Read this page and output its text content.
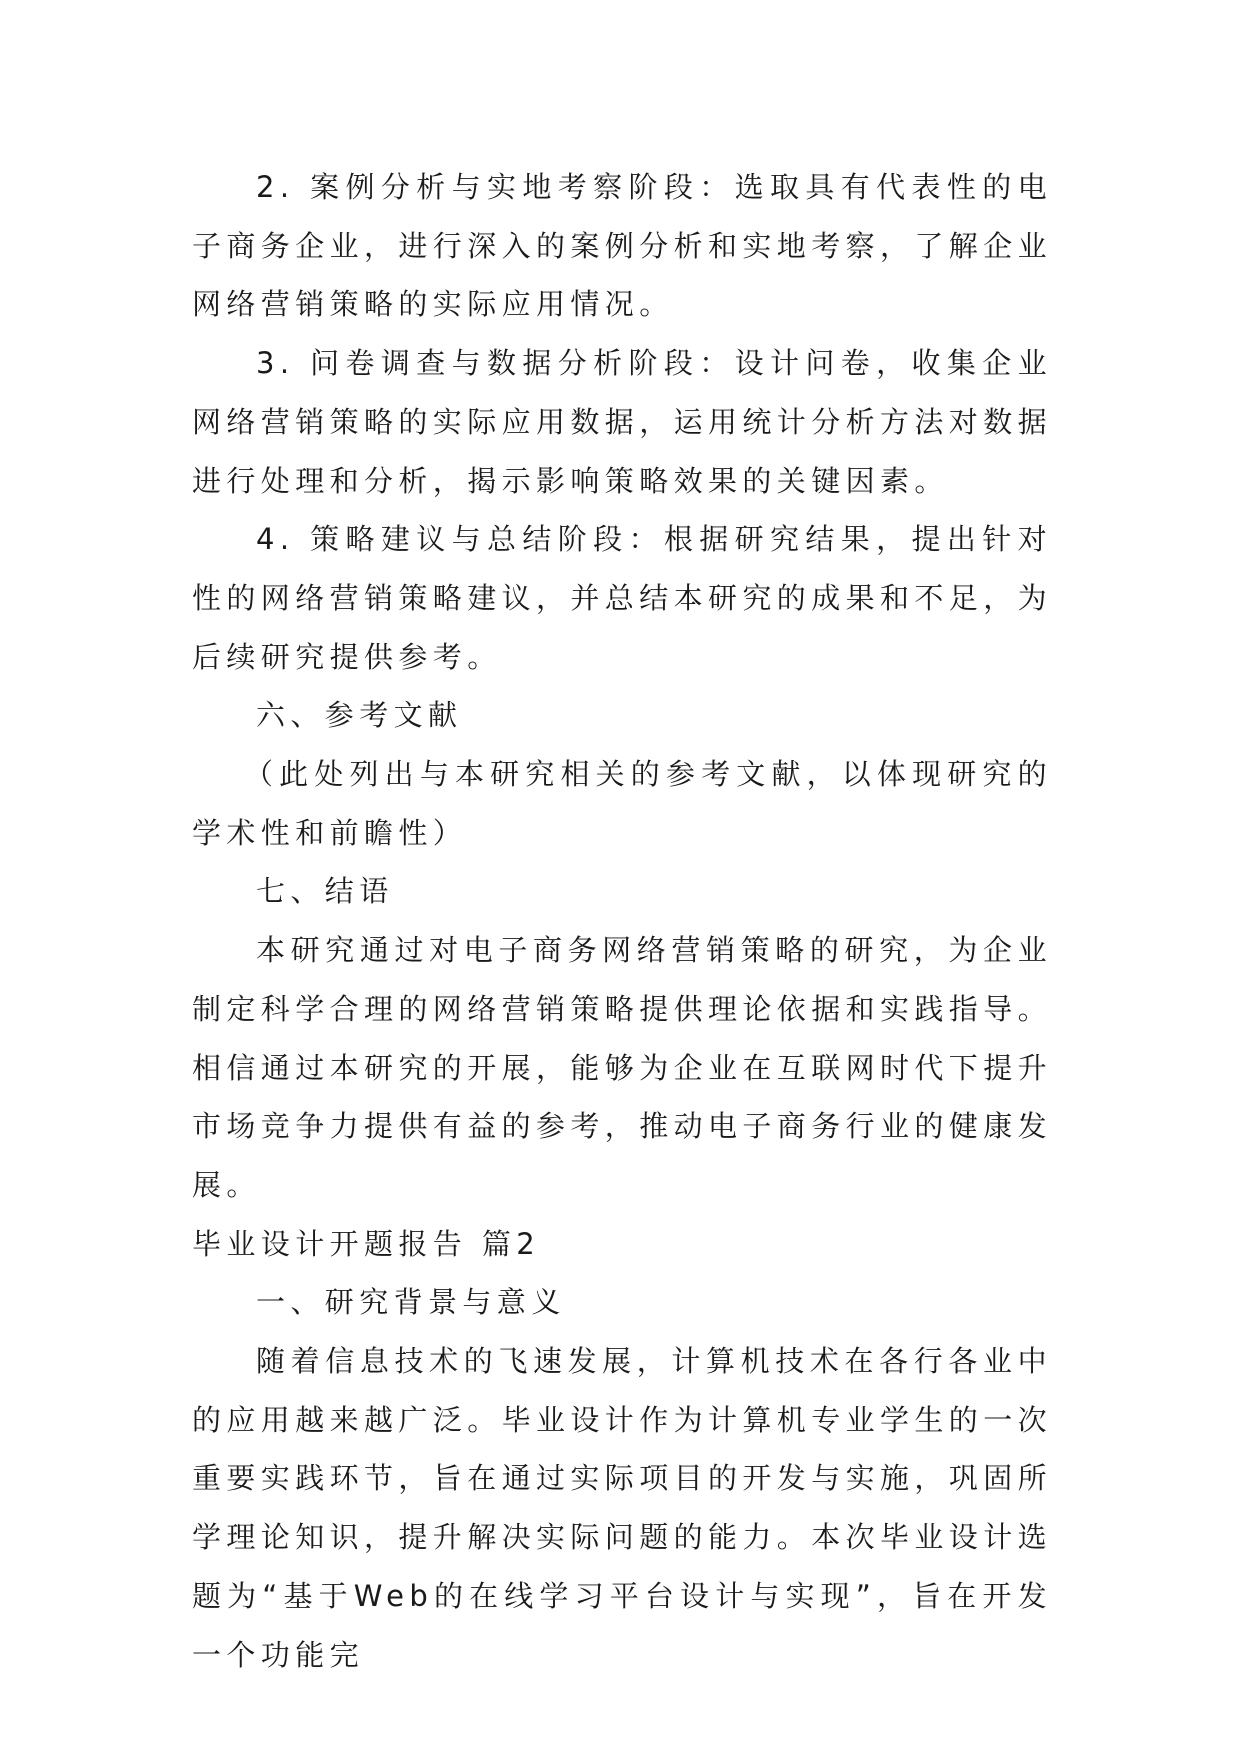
2. 案例分析与实地考察阶段：选取具有代表性的电子商务企业，进行深入的案例分析和实地考察，了解企业网络营销策略的实际应用情况。

3. 问卷调查与数据分析阶段：设计问卷，收集企业网络营销策略的实际应用数据，运用统计分析方法对数据进行处理和分析，揭示影响策略效果的关键因素。

4. 策略建议与总结阶段：根据研究结果，提出针对性的网络营销策略建议，并总结本研究的成果和不足，为后续研究提供参考。

六、参考文献

（此处列出与本研究相关的参考文献，以体现研究的学术性和前瞻性）

七、结语

本研究通过对电子商务网络营销策略的研究，为企业制定科学合理的网络营销策略提供理论依据和实践指导。相信通过本研究的开展，能够为企业在互联网时代下提升市场竞争力提供有益的参考，推动电子商务行业的健康发展。

毕业设计开题报告 篇2

一、研究背景与意义

随着信息技术的飞速发展，计算机技术在各行各业中的应用越来越广泛。毕业设计作为计算机专业学生的一次重要实践环节，旨在通过实际项目的开发与实施，巩固所学理论知识，提升解决实际问题的能力。本次毕业设计选题为“基于Web的在线学习平台设计与实现”，旨在开发一个功能完
